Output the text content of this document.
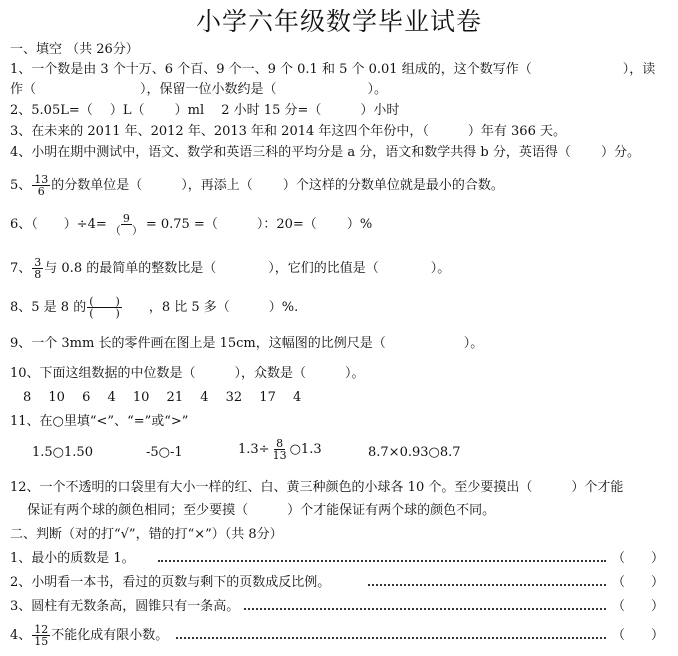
小学六年级数学毕业试卷
一、填空 （共 26分）
1、一个数是由 3 个十万、6 个百、9 个一、9 个 0.1 和 5 个 0.01 组成的，这个数写作（　　　　　　　），读
作（　　　　　　　　），保留一位小数约是（　　　　　　　）。
2、5.05L=（　 ）L（　　 ）ml　 2 小时 15 分=（　　　）小时
3、在未来的 2011 年、2012 年、2013 年和 2014 年这四个年份中，（　　　）年有 366 天。
4、小明在期中测试中，语文、数学和英语三科的平均分是 a 分，语文和数学共得 b 分，英语得（　　 ）分。
5、 $\frac{13}{6}$ 的分数单位是（　　　），再添上（　　 ）个这样的分数单位就是最小的合数。
6、（　　）$\div 4= \frac{9}{( )} = 0.75$ =（　　　）：20=（　　 ）%
7、 $\frac{3}{8}$ 与 0.8 的最简单的整数比是（　　　　），它们的比值是（　　　　）。
8、5 是 8 的 $\frac{( )}{( )}$ 　　，8 比 5 多（　　　）%.
9、一个 3mm 长的零件画在图上是 15cm，这幅图的比例尺是（　　　　　　）。
10、下面这组数据的中位数是（　　　），众数是（　　　）。
　8　 10　 6　 4　 10　 21　 4　 32　 17　 4
11、在○里填“<”、“=”或“>”
1.5○1.50	-5○-1	$1.3\div \frac{8}{13}$ ○1.3	8.7×0.93○8.7
12、一个不透明的口袋里有大小一样的红、白、黄三种颜色的小球各 10 个。至少要摸出（　　　）个才能
　 保证有两个球的颜色相同；至少要摸（　　　）个才能保证有两个球的颜色不同。
二、判断（对的打“√”，错的打“×”）（共 8分）
1、最小的质数是 1。	（　　）
2、小明看一本书，看过的页数与剩下的页数成反比例。	（　　）
3、圆柱有无数条高，圆锥只有一条高。	（　　）
4、 $\frac{12}{15}$ 不能化成有限小数。	（　　）
